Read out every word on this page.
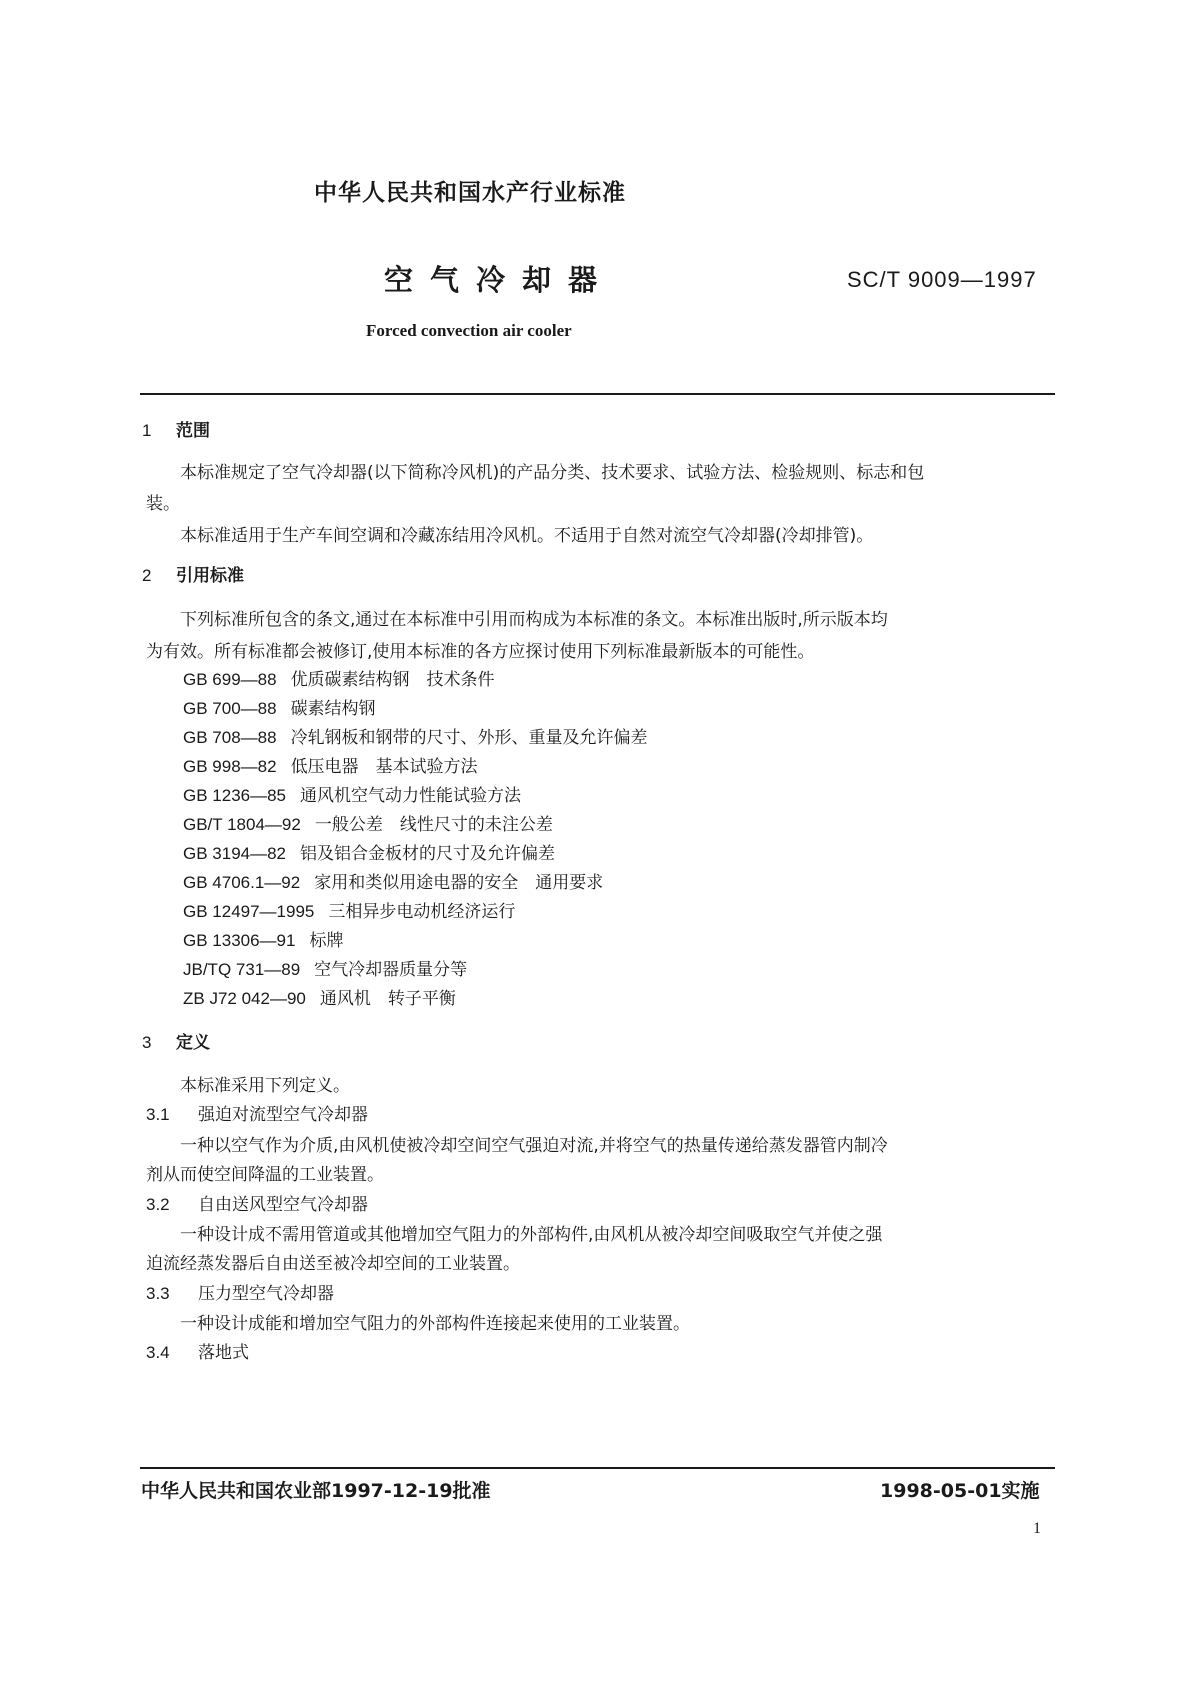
中华人民共和国水产行业标准
空气冷却器	SC/T 9009—1997
Forced convection air cooler
1 范围
本标准规定了空气冷却器(以下简称冷风机)的产品分类、技术要求、试验方法、检验规则、标志和包
装。
本标准适用于生产车间空调和冷藏冻结用冷风机。不适用于自然对流空气冷却器(冷却排管)。
2 引用标准
下列标准所包含的条文,通过在本标准中引用而构成为本标准的条文。本标准出版时,所示版本均
为有效。所有标准都会被修订,使用本标准的各方应探讨使用下列标准最新版本的可能性。
GB 699—88 优质碳素结构钢　技术条件
GB 700—88 碳素结构钢
GB 708—88 冷轧钢板和钢带的尺寸、外形、重量及允许偏差
GB 998—82 低压电器　基本试验方法
GB 1236—85 通风机空气动力性能试验方法
GB/T 1804—92 一般公差　线性尺寸的未注公差
GB 3194—82 铝及铝合金板材的尺寸及允许偏差
GB 4706.1—92 家用和类似用途电器的安全　通用要求
GB 12497—1995 三相异步电动机经济运行
GB 13306—91 标牌
JB/TQ 731—89 空气冷却器质量分等
ZB J72 042—90 通风机　转子平衡
3 定义
本标准采用下列定义。
3.1 强迫对流型空气冷却器
一种以空气作为介质,由风机使被冷却空间空气强迫对流,并将空气的热量传递给蒸发器管内制冷
剂从而使空间降温的工业装置。
3.2 自由送风型空气冷却器
一种设计成不需用管道或其他增加空气阻力的外部构件,由风机从被冷却空间吸取空气并使之强
迫流经蒸发器后自由送至被冷却空间的工业装置。
3.3 压力型空气冷却器
一种设计成能和增加空气阻力的外部构件连接起来使用的工业装置。
3.4 落地式
中华人民共和国农业部1997-12-19批准	1998-05-01实施
1
